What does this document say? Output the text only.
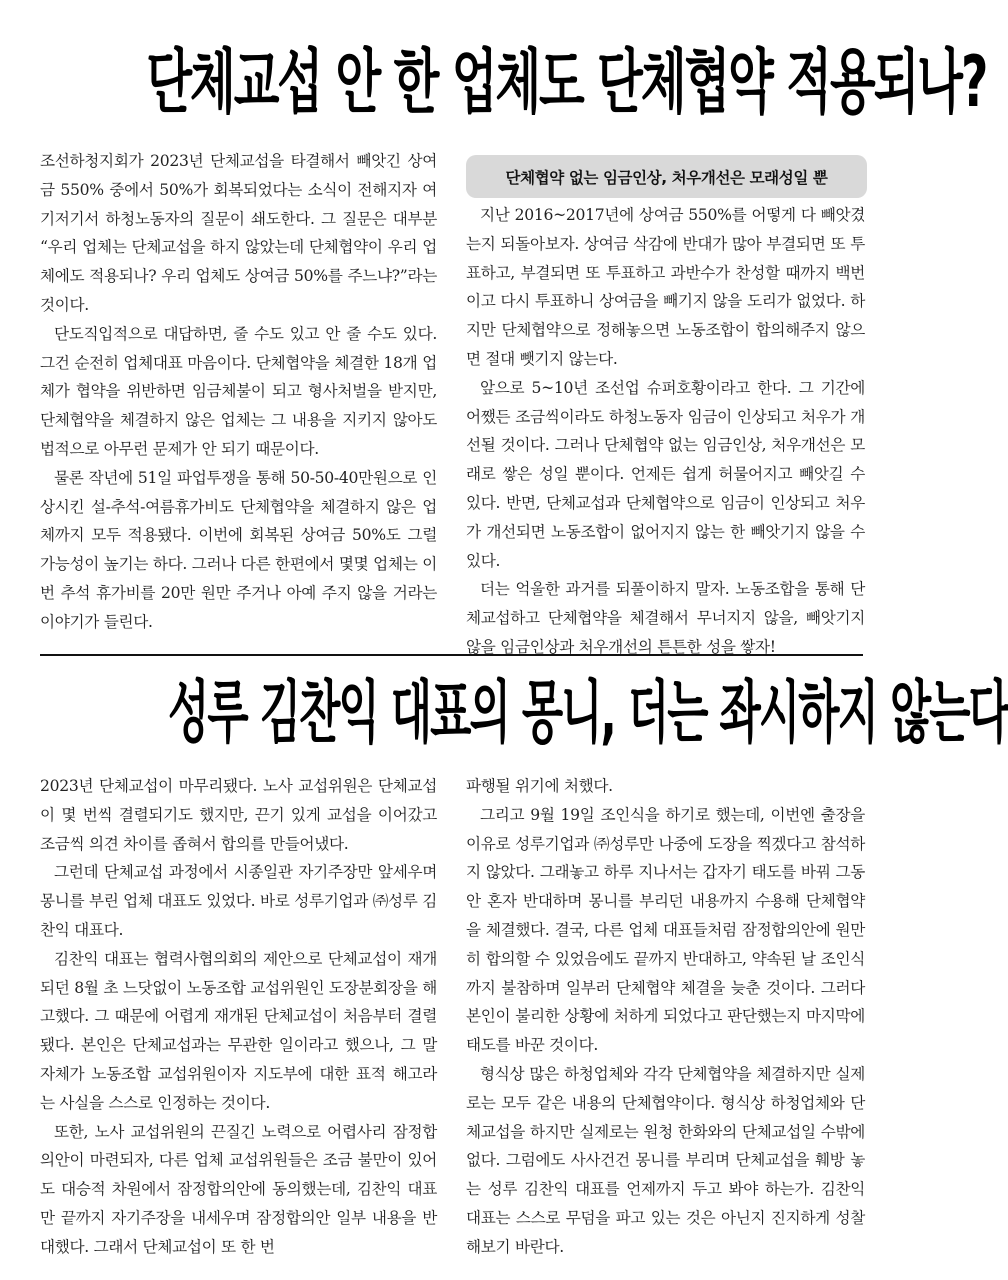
단체교섭 안 한 업체도 단체협약 적용되나?

조선하청지회가 2023년 단체교섭을 타결해서 빼앗긴 상여금 550% 중에서 50%가 회복되었다는 소식이 전해지자 여기저기서 하청노동자의 질문이 쇄도한다. 그 질문은 대부분 “우리 업체는 단체교섭을 하지 않았는데 단체협약이 우리 업체에도 적용되나? 우리 업체도 상여금 50%를 주느냐?”라는 것이다.

단도직입적으로 대답하면, 줄 수도 있고 안 줄 수도 있다. 그건 순전히 업체대표 마음이다. 단체협약을 체결한 18개 업체가 협약을 위반하면 임금체불이 되고 형사처벌을 받지만, 단체협약을 체결하지 않은 업체는 그 내용을 지키지 않아도 법적으로 아무런 문제가 안 되기 때문이다.

물론 작년에 51일 파업투쟁을 통해 50-50-40만원으로 인상시킨 설-추석-여름휴가비도 단체협약을 체결하지 않은 업체까지 모두 적용됐다. 이번에 회복된 상여금 50%도 그럴 가능성이 높기는 하다. 그러나 다른 한편에서 몇몇 업체는 이번 추석 휴가비를 20만 원만 주거나 아예 주지 않을 거라는 이야기가 들린다.

단체협약 없는 임금인상, 처우개선은 모래성일 뿐

지난 2016~2017년에 상여금 550%를 어떻게 다 빼앗겼는지 되돌아보자. 상여금 삭감에 반대가 많아 부결되면 또 투표하고, 부결되면 또 투표하고 과반수가 찬성할 때까지 백번이고 다시 투표하니 상여금을 빼기지 않을 도리가 없었다. 하지만 단체협약으로 정해놓으면 노동조합이 합의해주지 않으면 절대 뺏기지 않는다.

앞으로 5~10년 조선업 슈퍼호황이라고 한다. 그 기간에 어쨌든 조금씩이라도 하청노동자 임금이 인상되고 처우가 개선될 것이다. 그러나 단체협약 없는 임금인상, 처우개선은 모래로 쌓은 성일 뿐이다. 언제든 쉽게 허물어지고 빼앗길 수 있다. 반면, 단체교섭과 단체협약으로 임금이 인상되고 처우가 개선되면 노동조합이 없어지지 않는 한 빼앗기지 않을 수 있다.

더는 억울한 과거를 되풀이하지 말자. 노동조합을 통해 단체교섭하고 단체협약을 체결해서 무너지지 않을, 빼앗기지 않을 임금인상과 처우개선의 튼튼한 성을 쌓자!

성루 김찬익 대표의 몽니, 더는 좌시하지 않는다

2023년 단체교섭이 마무리됐다. 노사 교섭위원은 단체교섭이 몇 번씩 결렬되기도 했지만, 끈기 있게 교섭을 이어갔고 조금씩 의견 차이를 좁혀서 합의를 만들어냈다.

그런데 단체교섭 과정에서 시종일관 자기주장만 앞세우며 몽니를 부린 업체 대표도 있었다. 바로 성루기업과 ㈜성루 김찬익 대표다.

김찬익 대표는 협력사협의회의 제안으로 단체교섭이 재개되던 8월 초 느닷없이 노동조합 교섭위원인 도장분회장을 해고했다. 그 때문에 어렵게 재개된 단체교섭이 처음부터 결렬됐다. 본인은 단체교섭과는 무관한 일이라고 했으나, 그 말 자체가 노동조합 교섭위원이자 지도부에 대한 표적 해고라는 사실을 스스로 인정하는 것이다.

또한, 노사 교섭위원의 끈질긴 노력으로 어렵사리 잠정합의안이 마련되자, 다른 업체 교섭위원들은 조금 불만이 있어도 대승적 차원에서 잠정합의안에 동의했는데, 김찬익 대표만 끝까지 자기주장을 내세우며 잠정합의안 일부 내용을 반대했다. 그래서 단체교섭이 또 한 번

파행될 위기에 처했다.

그리고 9월 19일 조인식을 하기로 했는데, 이번엔 출장을 이유로 성루기업과 ㈜성루만 나중에 도장을 찍겠다고 참석하지 않았다. 그래놓고 하루 지나서는 갑자기 태도를 바꿔 그동안 혼자 반대하며 몽니를 부리던 내용까지 수용해 단체협약을 체결했다. 결국, 다른 업체 대표들처럼 잠정합의안에 원만히 합의할 수 있었음에도 끝까지 반대하고, 약속된 날 조인식까지 불참하며 일부러 단체협약 체결을 늦춘 것이다. 그러다 본인이 불리한 상황에 처하게 되었다고 판단했는지 마지막에 태도를 바꾼 것이다.

형식상 많은 하청업체와 각각 단체협약을 체결하지만 실제로는 모두 같은 내용의 단체협약이다. 형식상 하청업체와 단체교섭을 하지만 실제로는 원청 한화와의 단체교섭일 수밖에 없다. 그럼에도 사사건건 몽니를 부리며 단체교섭을 훼방 놓는 성루 김찬익 대표를 언제까지 두고 봐야 하는가. 김찬익 대표는 스스로 무덤을 파고 있는 것은 아닌지 진지하게 성찰해보기 바란다.
